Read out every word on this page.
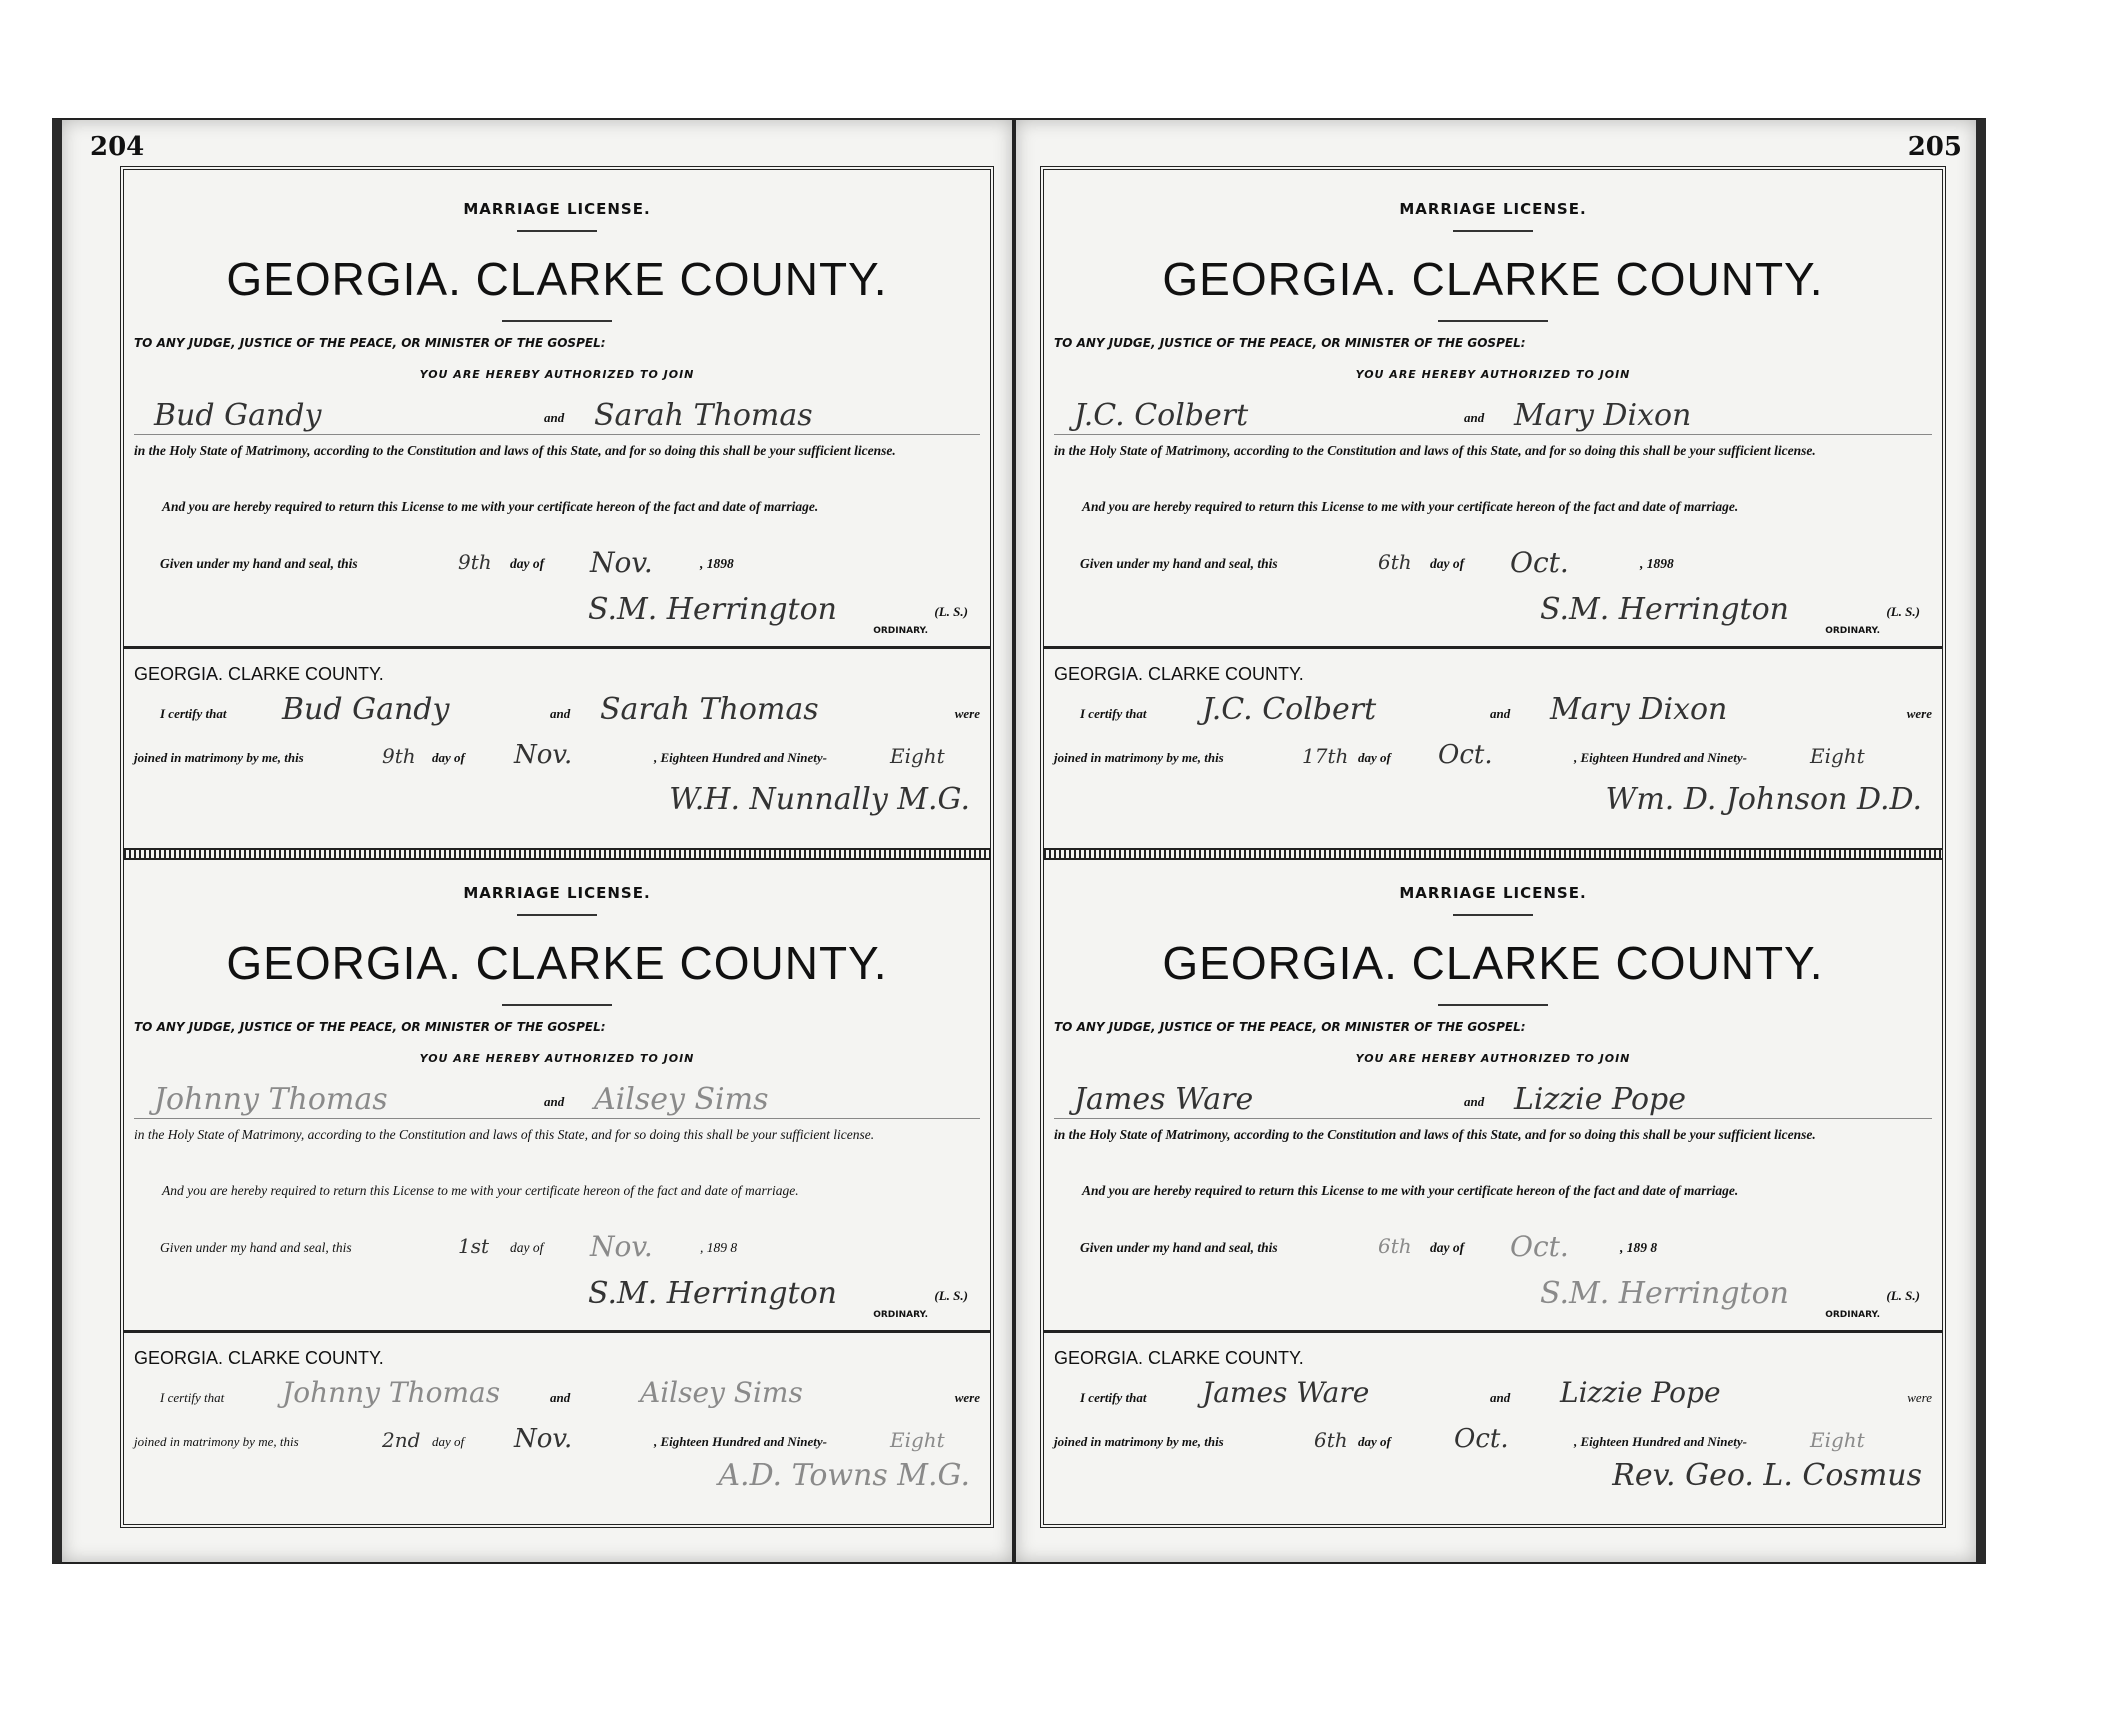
204
MARRIAGE LICENSE.
GEORGIA. CLARKE COUNTY.
TO ANY JUDGE, JUSTICE OF THE PEACE, OR MINISTER OF THE GOSPEL:
YOU ARE HEREBY AUTHORIZED TO JOIN
Bud Gandy	and Sarah Thomas
in the Holy State of Matrimony, according to the Constitution and laws of this State, and for so doing this shall be your sufficient license.
And you are hereby required to return this License to me with your certificate hereon of the fact and date of marriage.
Given under my hand and seal, this	9th day of Nov.	, 1898
S.M. Herrington	(L. S.)
ORDINARY.
GEORGIA. CLARKE COUNTY.
I certify that Bud Gandy	and Sarah Thomas	were
joined in matrimony by me, this	9th day of Nov.	, Eighteen Hundred and Ninety-	Eight
W.H. Nunnally M.G.
MARRIAGE LICENSE.
GEORGIA. CLARKE COUNTY.
TO ANY JUDGE, JUSTICE OF THE PEACE, OR MINISTER OF THE GOSPEL:
YOU ARE HEREBY AUTHORIZED TO JOIN
Johnny Thomas	and Ailsey Sims
in the Holy State of Matrimony, according to the Constitution and laws of this State, and for so doing this shall be your sufficient license.
And you are hereby required to return this License to me with your certificate hereon of the fact and date of marriage.
Given under my hand and seal, this	1st day of Nov.	, 189 8
S.M. Herrington	(L. S.)
ORDINARY.
GEORGIA. CLARKE COUNTY.
I certify that Johnny Thomas	and Ailsey Sims	were
joined in matrimony by me, this	2nd day of Nov.	, Eighteen Hundred and Ninety-	Eight
A.D. Towns M.G.
205
MARRIAGE LICENSE.
GEORGIA. CLARKE COUNTY.
TO ANY JUDGE, JUSTICE OF THE PEACE, OR MINISTER OF THE GOSPEL:
YOU ARE HEREBY AUTHORIZED TO JOIN
J.C. Colbert	and Mary Dixon
in the Holy State of Matrimony, according to the Constitution and laws of this State, and for so doing this shall be your sufficient license.
And you are hereby required to return this License to me with your certificate hereon of the fact and date of marriage.
Given under my hand and seal, this	6th day of Oct.	, 1898
S.M. Herrington	(L. S.)
ORDINARY.
GEORGIA. CLARKE COUNTY.
I certify that J.C. Colbert	and Mary Dixon	were
joined in matrimony by me, this	17th day of Oct.	, Eighteen Hundred and Ninety-	Eight
Wm. D. Johnson D.D.
MARRIAGE LICENSE.
GEORGIA. CLARKE COUNTY.
TO ANY JUDGE, JUSTICE OF THE PEACE, OR MINISTER OF THE GOSPEL:
YOU ARE HEREBY AUTHORIZED TO JOIN
James Ware	and Lizzie Pope
in the Holy State of Matrimony, according to the Constitution and laws of this State, and for so doing this shall be your sufficient license.
And you are hereby required to return this License to me with your certificate hereon of the fact and date of marriage.
Given under my hand and seal, this	6th day of Oct.	, 189 8
S.M. Herrington	(L. S.)
ORDINARY.
GEORGIA. CLARKE COUNTY.
I certify that James Ware	and Lizzie Pope	were
joined in matrimony by me, this	6th day of Oct.	, Eighteen Hundred and Ninety-	Eight
Rev. Geo. L. Cosmus
